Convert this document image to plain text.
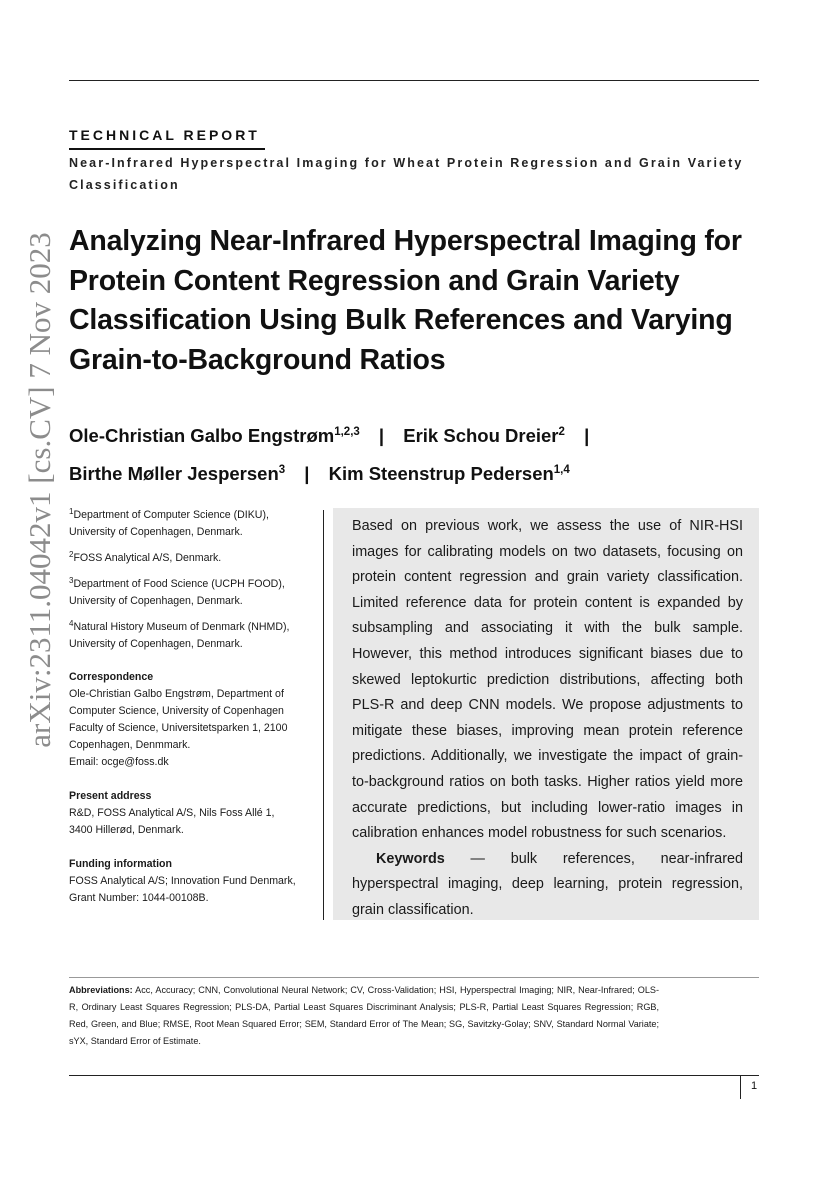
arXiv:2311.04042v1 [cs.CV] 7 Nov 2023
TECHNICAL REPORT
Near-Infrared Hyperspectral Imaging for Wheat Protein Regression and Grain Variety Classification
Analyzing Near-Infrared Hyperspectral Imaging for Protein Content Regression and Grain Variety Classification Using Bulk References and Varying Grain-to-Background Ratios
Ole-Christian Galbo Engstrøm$^{1,2,3}$ | Erik Schou Dreier$^2$ |
Birthe Møller Jespersen$^3$ | Kim Steenstrup Pedersen$^{1,4}$
$^1$Department of Computer Science (DIKU), University of Copenhagen, Denmark.
$^2$FOSS Analytical A/S, Denmark.
$^3$Department of Food Science (UCPH FOOD), University of Copenhagen, Denmark.
$^4$Natural History Museum of Denmark (NHMD), University of Copenhagen, Denmark.
Correspondence

Ole-Christian Galbo Engstrøm, Department of Computer Science, University of Copenhagen Faculty of Science, Universitetsparken 1, 2100 Copenhagen, Denmmark.

Email: ocge@foss.dk

Present address

R&D, FOSS Analytical A/S, Nils Foss Allé 1, 3400 Hillerød, Denmark.

Funding information

FOSS Analytical A/S; Innovation Fund Denmark, Grant Number: 1044-00108B.

Based on previous work, we assess the use of NIR-HSI images for calibrating models on two datasets, focusing on protein content regression and grain variety classification. Limited reference data for protein content is expanded by subsampling and associating it with the bulk sample. However, this method introduces significant biases due to skewed leptokurtic prediction distributions, affecting both PLS-R and deep CNN models. We propose adjustments to mitigate these biases, improving mean protein reference predictions. Additionally, we investigate the impact of grain-to-background ratios on both tasks. Higher ratios yield more accurate predictions, but including lower-ratio images in calibration enhances model robustness for such scenarios.

Keywords — bulk references, near-infrared hyperspectral imaging, deep learning, protein regression, grain classification.

Abbreviations: Acc, Accuracy; CNN, Convolutional Neural Network; CV, Cross-Validation; HSI, Hyperspectral Imaging; NIR, Near-Infrared; OLS-R, Ordinary Least Squares Regression; PLS-DA, Partial Least Squares Discriminant Analysis; PLS-R, Partial Least Squares Regression; RGB, Red, Green, and Blue; RMSE, Root Mean Squared Error; SEM, Standard Error of The Mean; SG, Savitzky-Golay; SNV, Standard Normal Variate; sYX, Standard Error of Estimate.
1
